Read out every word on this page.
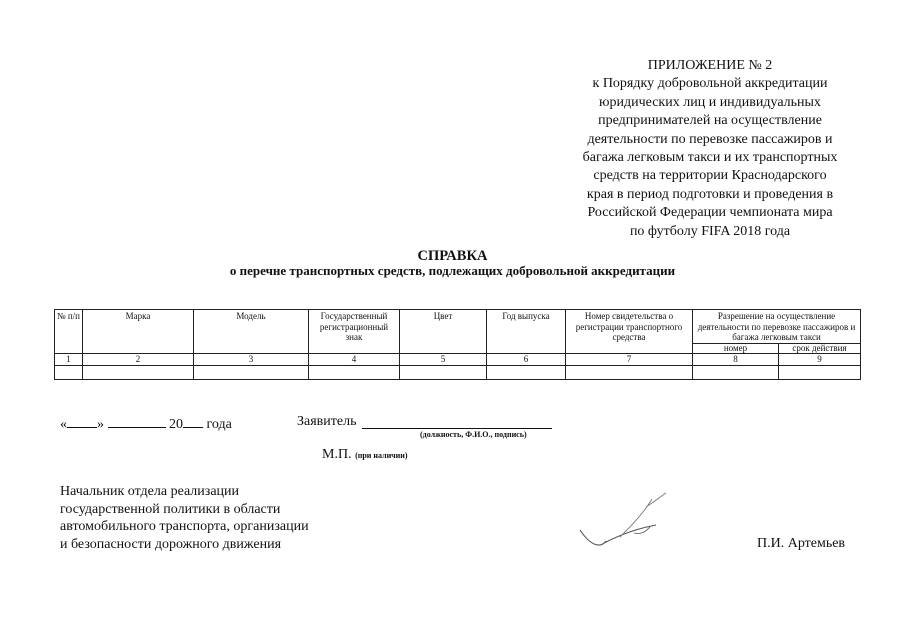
ПРИЛОЖЕНИЕ № 2
к Порядку добровольной аккредитации
юридических лиц и индивидуальных
предпринимателей на осуществление
деятельности по перевозке пассажиров и
багажа легковым такси и их транспортных
средств на территории Краснодарского
края в период подготовки и проведения в
Российской Федерации чемпионата мира
по футболу FIFA 2018 года
СПРАВКА
о перечне транспортных средств, подлежащих добровольной аккредитации
№ п/п	Марка	Модель	Государственный регистрационный знак	Цвет	Год выпуска	Номер свидетельства о регистрации транспортного средства	Разрешение на осуществление деятельности по перевозке пассажиров и багажа легковым такси	
							номер	срок действия
1	2	3	4	5	6	7	8	9

« »	20 года	Заявитель
(должность, Ф.И.О., подпись)
М.П. (при наличии)
Начальник отдела реализации
государственной политики в области
автомобильного транспорта, организации
и безопасности дорожного движения	П.И. Артемьев
